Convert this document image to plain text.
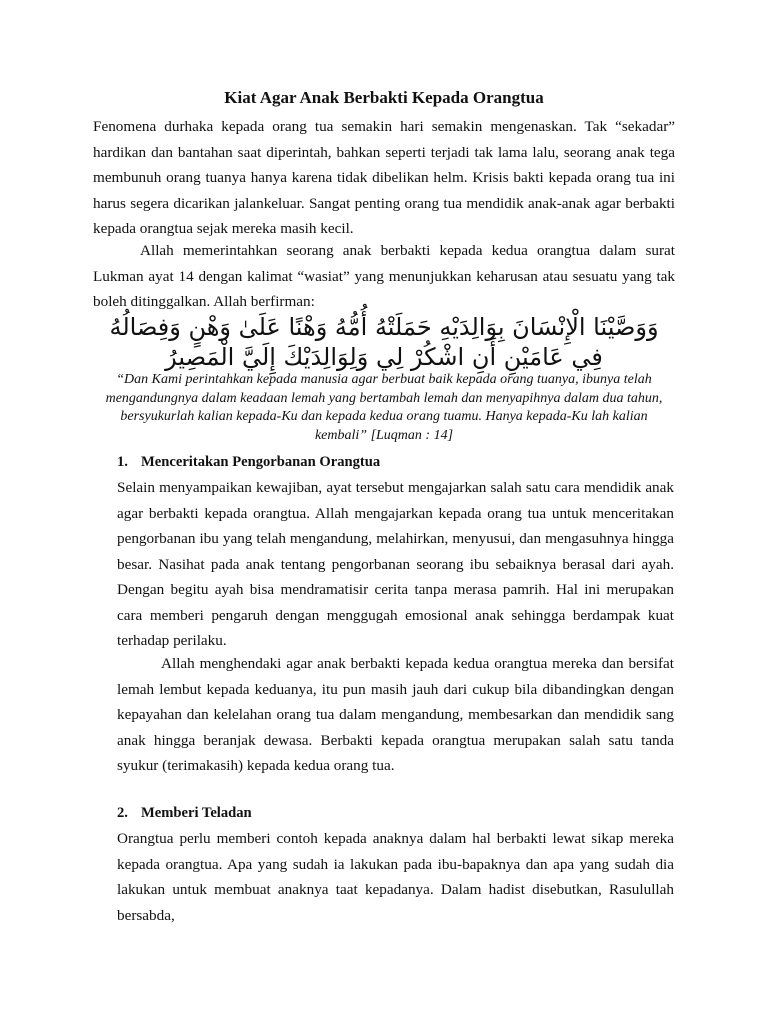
Kiat Agar Anak Berbakti Kepada Orangtua

Fenomena durhaka kepada orang tua semakin hari semakin mengenaskan. Tak “sekadar” hardikan dan bantahan saat diperintah, bahkan seperti terjadi tak lama lalu, seorang anak tega membunuh orang tuanya hanya karena tidak dibelikan helm. Krisis bakti kepada orang tua ini harus segera dicarikan jalankeluar. Sangat penting orang tua mendidik anak-anak agar berbakti kepada orangtua sejak mereka masih kecil.

Allah memerintahkan seorang anak berbakti kepada kedua orangtua dalam surat Lukman ayat 14 dengan kalimat “wasiat” yang menunjukkan keharusan atau sesuatu yang tak boleh ditinggalkan. Allah berfirman:

وَوَصَّيْنَا الْإِنْسَانَ بِوَالِدَيْهِ حَمَلَتْهُ أُمُّهُ وَهْنًا عَلَىٰ وَهْنٍ وَفِصَالُهُ فِي عَامَيْنِ أَنِ اشْكُرْ لِي وَلِوَالِدَيْكَ إِلَيَّ الْمَصِيرُ
“Dan Kami perintahkan kepada manusia agar berbuat baik kepada orang tuanya, ibunya telah mengandungnya dalam keadaan lemah yang bertambah lemah dan menyapihnya dalam dua tahun, bersyukurlah kalian kepada-Ku dan kepada kedua orang tuamu. Hanya kepada-Ku lah kalian kembali” [Luqman : 14]
1. Menceritakan Pengorbanan Orangtua

Selain menyampaikan kewajiban, ayat tersebut mengajarkan salah satu cara mendidik anak agar berbakti kepada orangtua. Allah mengajarkan kepada orang tua untuk menceritakan pengorbanan ibu yang telah mengandung, melahirkan, menyusui, dan mengasuhnya hingga besar. Nasihat pada anak tentang pengorbanan seorang ibu sebaiknya berasal dari ayah. Dengan begitu ayah bisa mendramatisir cerita tanpa merasa pamrih. Hal ini merupakan cara memberi pengaruh dengan menggugah emosional anak sehingga berdampak kuat terhadap perilaku.

Allah menghendaki agar anak berbakti kepada kedua orangtua mereka dan bersifat lemah lembut kepada keduanya, itu pun masih jauh dari cukup bila dibandingkan dengan kepayahan dan kelelahan orang tua dalam mengandung, membesarkan dan mendidik sang anak hingga beranjak dewasa. Berbakti kepada orangtua merupakan salah satu tanda syukur (terimakasih) kepada kedua orang tua.

2. Memberi Teladan

Orangtua perlu memberi contoh kepada anaknya dalam hal berbakti lewat sikap mereka kepada orangtua. Apa yang sudah ia lakukan pada ibu-bapaknya dan apa yang sudah dia lakukan untuk membuat anaknya taat kepadanya. Dalam hadist disebutkan, Rasulullah bersabda,
